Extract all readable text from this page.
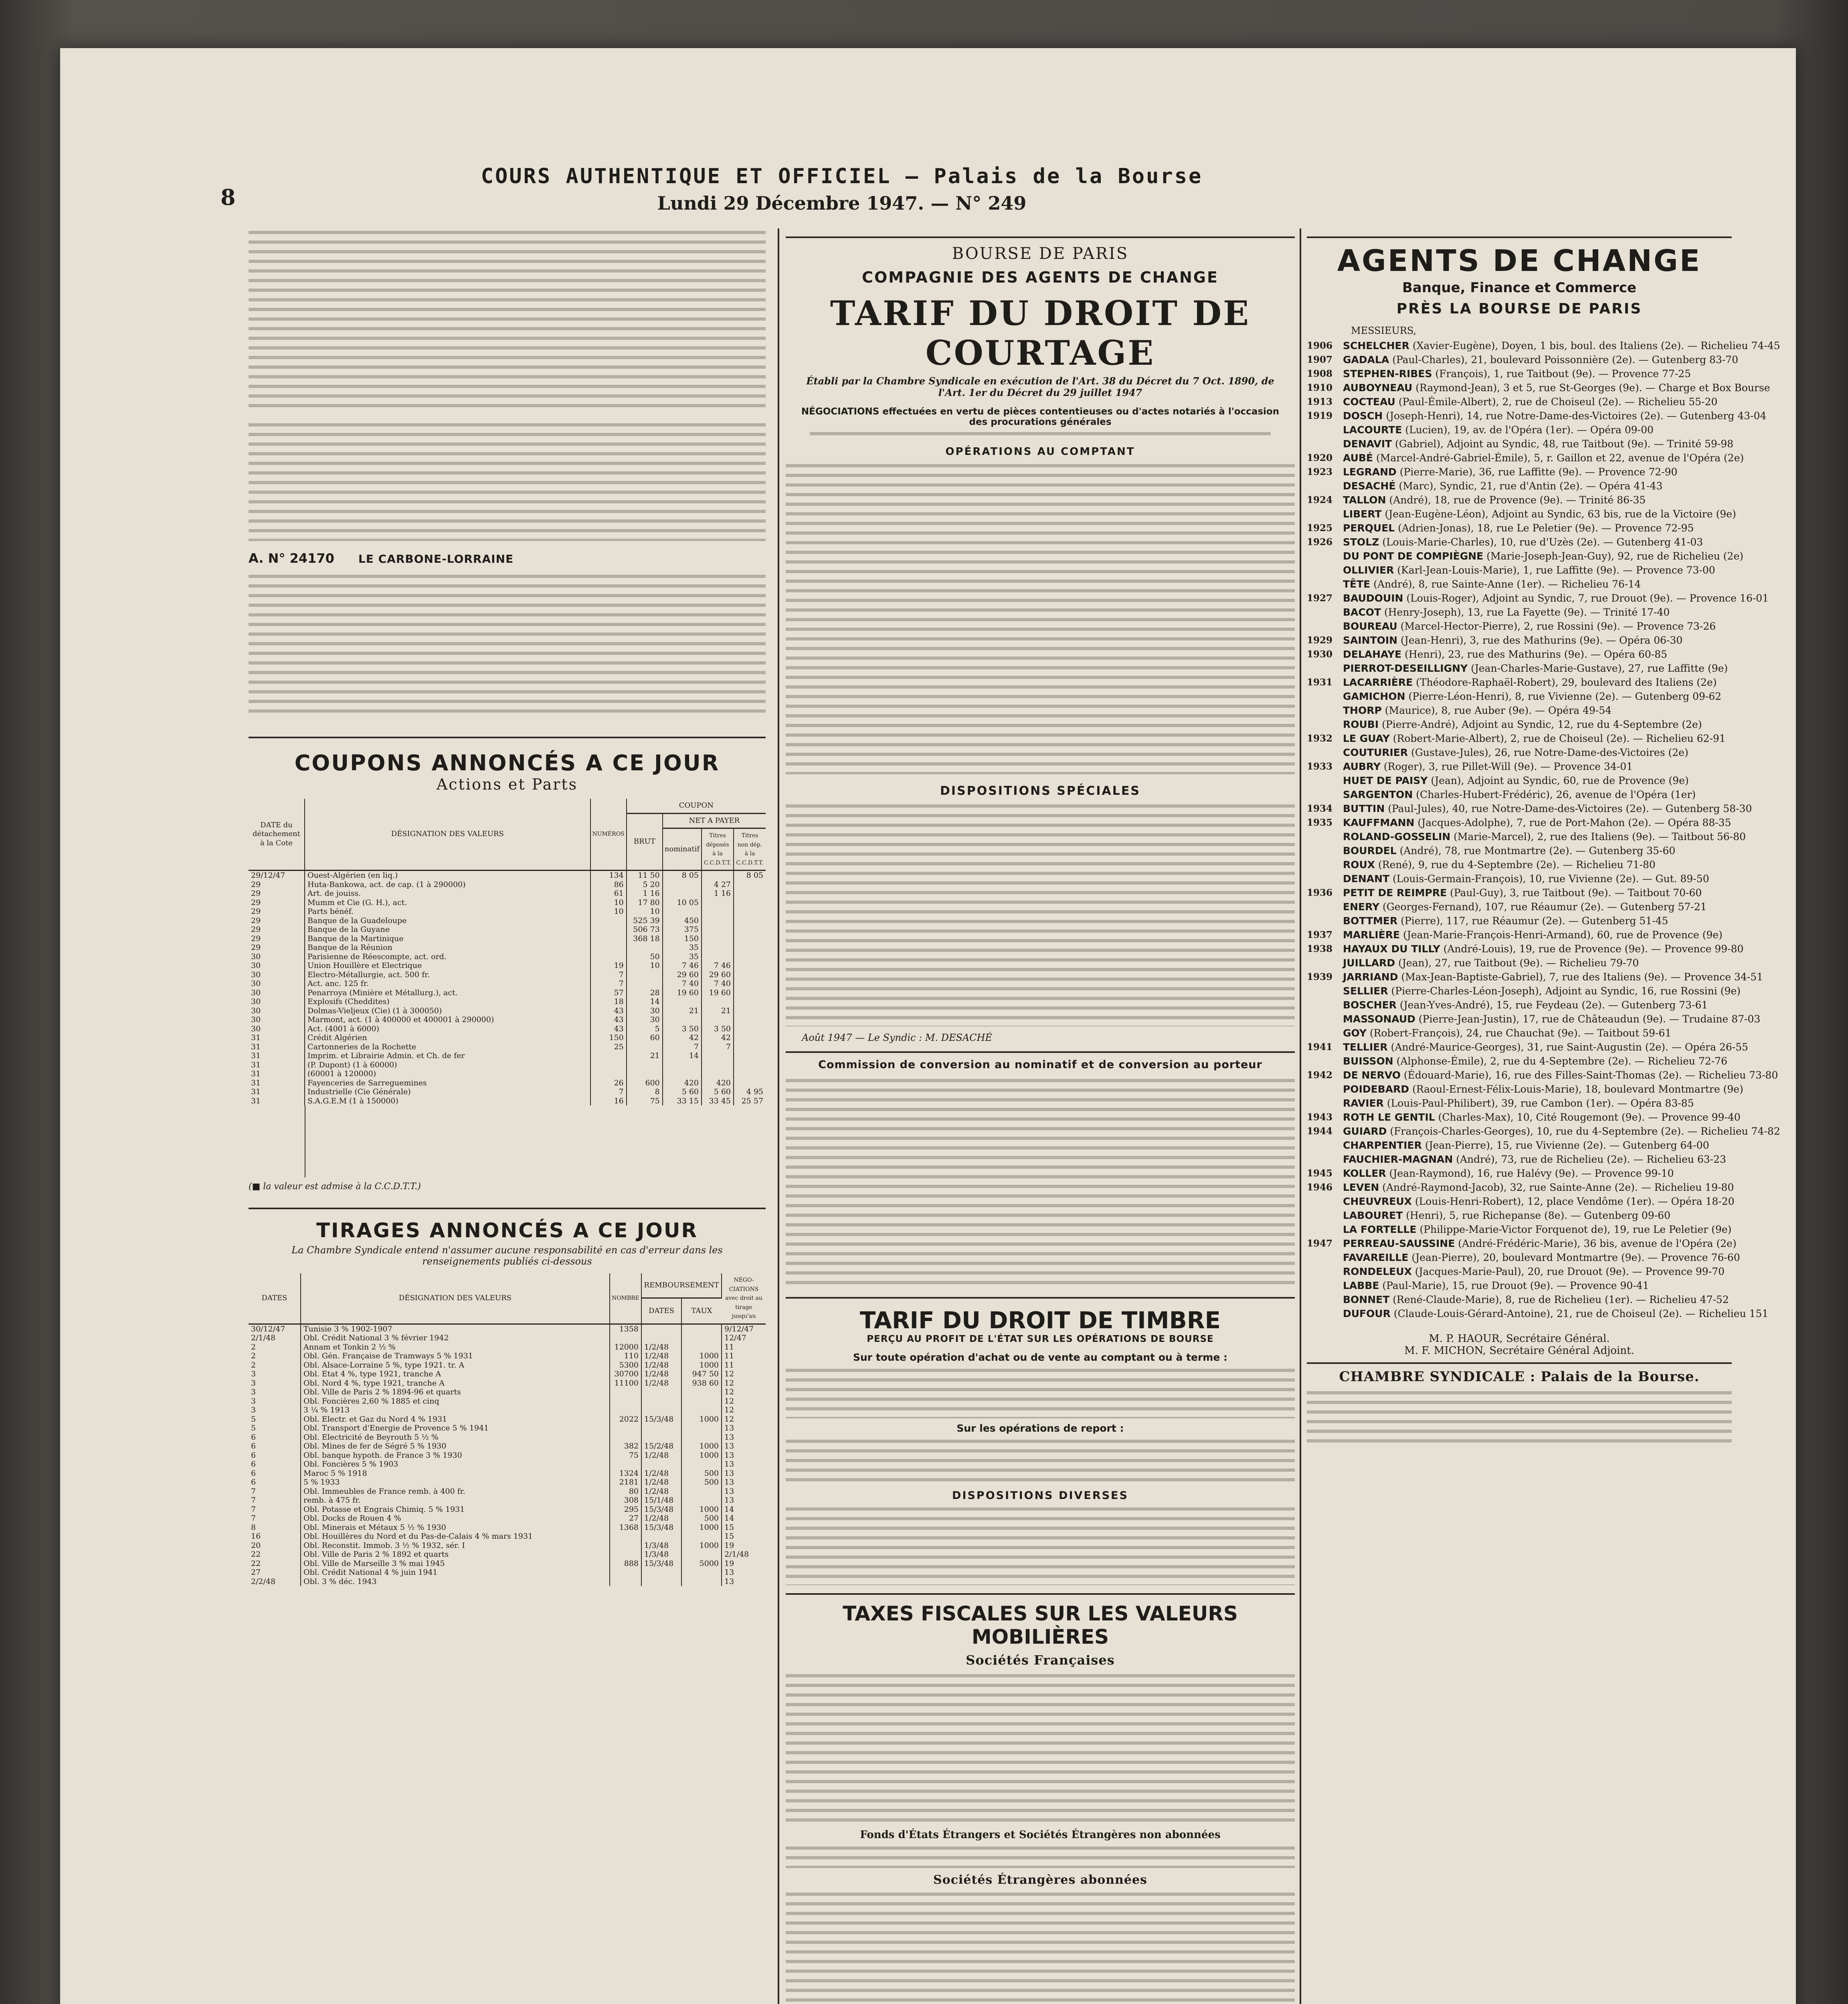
8
COURS AUTHENTIQUE ET OFFICIEL — Palais de la Bourse
Lundi 29 Décembre 1947. — N° 249
A. N° 24170 LE CARBONE-LORRAINE
COUPONS ANNONCÉS A CE JOUR
Actions et Parts
DATE du détachement à la Cote	DÉSIGNATION DES VALEURS	NUMÉROS	COUPON			
			BRUT	NET A PAYER		
				nominatif	Titres déposés à la C.C.D.T.T.	Titres non dép. à la C.C.D.T.T.
29/12/47	Ouest-Algérien (en liq.)	134	11 50	8 05		8 05
29	Huta-Bankowa, act. de cap. (1 à 290000)	86	5 20		4 27	
29	Art. de jouiss.	61	1 16		1 16	
29	Mumm et Cie (G. H.), act.	10	17 80	10 05		
29	Parts bénéf.	10	10			
29	Banque de la Guadeloupe		525 39	450		
29	Banque de la Guyane		506 73	375		
29	Banque de la Martinique		368 18	150		
29	Banque de la Réunion			35		
30	Parisienne de Réescompte, act. ord.		50	35		
30	Union Houillère et Electrique	19	10	7 46	7 46	
30	Electro-Métallurgie, act. 500 fr.	7		29 60	29 60	
30	Act. anc. 125 fr.	7		7 40	7 40	
30	Penarroya (Minière et Métallurg.), act.	57	28	19 60	19 60	
30	Explosifs (Cheddites)	18	14			
30	Dolmas-Vieljeux (Cie) (1 à 300050)	43	30	21	21	
30	Marmont, act. (1 à 400000 et 400001 à 290000)	43	30			
30	Act. (4001 à 6000)	43	5	3 50	3 50	
31	Crédit Algérien	150	60	42	42	
31	Cartonneries de la Rochette	25		7	7	
31	Imprim. et Librairie Admin. et Ch. de fer		21	14		
31	(P. Dupont) (1 à 60000)					
31	(60001 à 120000)					
31	Fayenceries de Sarreguemines	26	600	420	420	
31	Industrielle (Cie Générale)	7	8	5 60	5 60	4 95
31	S.A.G.E.M (1 à 150000)	16	75	33 15	33 45	25 57
(■ la valeur est admise à la C.C.D.T.T.)
TIRAGES ANNONCÉS A CE JOUR
La Chambre Syndicale entend n'assumer aucune responsabilité en cas d'erreur dans les renseignements publiés ci-dessous
DATES	DÉSIGNATION DES VALEURS	NOMBRE	REMBOURSEMENT		NÉGO-CIATIONS avec droit au tirage jusqu'au
			DATES	TAUX	
30/12/47	Tunisie 3 % 1902-1907	1358			9/12/47
2/1/48	Obl. Crédit National 3 % février 1942				12/47
2	Annam et Tonkin 2 ½ %	12000	1/2/48		11
2	Obl. Gén. Française de Tramways 5 % 1931	110	1/2/48	1000	11
2	Obl. Alsace-Lorraine 5 %, type 1921. tr. A	5300	1/2/48	1000	11
3	Obl. Etat 4 %, type 1921, tranche A	30700	1/2/48	947 50	12
3	Obl. Nord 4 %, type 1921, tranche A	11100	1/2/48	938 60	12
3	Obl. Ville de Paris 2 % 1894-96 et quarts				12
3	Obl. Foncières 2,60 % 1885 et cinq				12
3	3 ¼ % 1913				12
5	Obl. Electr. et Gaz du Nord 4 % 1931	2022	15/3/48	1000	12
5	Obl. Transport d'Energie de Provence 5 % 1941				13
6	Obl. Electricité de Beyrouth 5 ½ %				13
6	Obl. Mines de fer de Ségré 5 % 1930	382	15/2/48	1000	13
6	Obl. banque hypoth. de France 3 % 1930	75	1/2/48	1000	13
6	Obl. Foncières 5 % 1903				13
6	Maroc 5 % 1918	1324	1/2/48	500	13
6	5 % 1933	2181	1/2/48	500	13
7	Obl. Immeubles de France remb. à 400 fr.	80	1/2/48		13
7	remb. à 475 fr.	308	15/1/48		13
7	Obl. Potasse et Engrais Chimiq. 5 % 1931	295	15/3/48	1000	14
7	Obl. Docks de Rouen 4 %	27	1/2/48	500	14
8	Obl. Minerais et Métaux 5 ½ % 1930	1368	15/3/48	1000	15
16	Obl. Houillères du Nord et du Pas-de-Calais 4 % mars 1931				15
20	Obl. Reconstit. Immob. 3 ½ % 1932, sér. I		1/3/48	1000	19
22	Obl. Ville de Paris 2 % 1892 et quarts		1/3/48		2/1/48
22	Obl. Ville de Marseille 3 % mai 1945	888	15/3/48	5000	19
27	Obl. Crédit National 4 % juin 1941				13
2/2/48	Obl. 3 % déc. 1943				13
BOURSE DE PARIS
COMPAGNIE DES AGENTS DE CHANGE
TARIF DU DROIT DE COURTAGE
Établi par la Chambre Syndicale en exécution de l'Art. 38 du Décret du 7 Oct. 1890, de l'Art. 1er du Décret du 29 juillet 1947
NÉGOCIATIONS effectuées en vertu de pièces contentieuses ou d'actes notariés à l'occasion des procurations générales
OPÉRATIONS AU COMPTANT
DISPOSITIONS SPÉCIALES
Août 1947 — Le Syndic : M. DESACHÉ
Commission de conversion au nominatif et de conversion au porteur
TARIF DU DROIT DE TIMBRE
PERÇU AU PROFIT DE L'ÉTAT SUR LES OPÉRATIONS DE BOURSE
Sur toute opération d'achat ou de vente au comptant ou à terme :
Sur les opérations de report :
DISPOSITIONS DIVERSES
TAXES FISCALES SUR LES VALEURS MOBILIÈRES
Sociétés Françaises
Fonds d'États Étrangers et Sociétés Étrangères non abonnées
Sociétés Étrangères abonnées
AGENTS DE CHANGE
Banque, Finance et Commerce
PRÈS LA BOURSE DE PARIS
MESSIEURS,
1906	SCHELCHER (Xavier-Eugène), Doyen, 1 bis, boul. des Italiens (2e). — Richelieu 74-45
1907	GADALA (Paul-Charles), 21, boulevard Poissonnière (2e). — Gutenberg 83-70
1908	STEPHEN-RIBES (François), 1, rue Taitbout (9e). — Provence 77-25
1910	AUBOYNEAU (Raymond-Jean), 3 et 5, rue St-Georges (9e). — Charge et Box Bourse
1913	COCTEAU (Paul-Émile-Albert), 2, rue de Choiseul (2e). — Richelieu 55-20
1919	DOSCH (Joseph-Henri), 14, rue Notre-Dame-des-Victoires (2e). — Gutenberg 43-04
LACOURTE (Lucien), 19, av. de l'Opéra (1er). — Opéra 09-00
DENAVIT (Gabriel), Adjoint au Syndic, 48, rue Taitbout (9e). — Trinité 59-98
1920	AUBÉ (Marcel-André-Gabriel-Émile), 5, r. Gaillon et 22, avenue de l'Opéra (2e)
1923	LEGRAND (Pierre-Marie), 36, rue Laffitte (9e). — Provence 72-90
DESACHÉ (Marc), Syndic, 21, rue d'Antin (2e). — Opéra 41-43
1924	TALLON (André), 18, rue de Provence (9e). — Trinité 86-35
LIBERT (Jean-Eugène-Léon), Adjoint au Syndic, 63 bis, rue de la Victoire (9e)
1925	PERQUEL (Adrien-Jonas), 18, rue Le Peletier (9e). — Provence 72-95
1926	STOLZ (Louis-Marie-Charles), 10, rue d'Uzès (2e). — Gutenberg 41-03
DU PONT DE COMPIÈGNE (Marie-Joseph-Jean-Guy), 92, rue de Richelieu (2e)
OLLIVIER (Karl-Jean-Louis-Marie), 1, rue Laffitte (9e). — Provence 73-00
TÊTE (André), 8, rue Sainte-Anne (1er). — Richelieu 76-14
1927	BAUDOUIN (Louis-Roger), Adjoint au Syndic, 7, rue Drouot (9e). — Provence 16-01
BACOT (Henry-Joseph), 13, rue La Fayette (9e). — Trinité 17-40
BOUREAU (Marcel-Hector-Pierre), 2, rue Rossini (9e). — Provence 73-26
1929	SAINTOIN (Jean-Henri), 3, rue des Mathurins (9e). — Opéra 06-30
1930	DELAHAYE (Henri), 23, rue des Mathurins (9e). — Opéra 60-85
PIERROT-DESEILLIGNY (Jean-Charles-Marie-Gustave), 27, rue Laffitte (9e)
1931	LACARRIÈRE (Théodore-Raphaël-Robert), 29, boulevard des Italiens (2e)
GAMICHON (Pierre-Léon-Henri), 8, rue Vivienne (2e). — Gutenberg 09-62
THORP (Maurice), 8, rue Auber (9e). — Opéra 49-54
ROUBI (Pierre-André), Adjoint au Syndic, 12, rue du 4-Septembre (2e)
1932	LE GUAY (Robert-Marie-Albert), 2, rue de Choiseul (2e). — Richelieu 62-91
COUTURIER (Gustave-Jules), 26, rue Notre-Dame-des-Victoires (2e)
1933	AUBRY (Roger), 3, rue Pillet-Will (9e). — Provence 34-01
HUET DE PAISY (Jean), Adjoint au Syndic, 60, rue de Provence (9e)
SARGENTON (Charles-Hubert-Frédéric), 26, avenue de l'Opéra (1er)
1934	BUTTIN (Paul-Jules), 40, rue Notre-Dame-des-Victoires (2e). — Gutenberg 58-30
1935	KAUFFMANN (Jacques-Adolphe), 7, rue de Port-Mahon (2e). — Opéra 88-35
ROLAND-GOSSELIN (Marie-Marcel), 2, rue des Italiens (9e). — Taitbout 56-80
BOURDEL (André), 78, rue Montmartre (2e). — Gutenberg 35-60
ROUX (René), 9, rue du 4-Septembre (2e). — Richelieu 71-80
DENANT (Louis-Germain-François), 10, rue Vivienne (2e). — Gut. 89-50
1936	PETIT DE REIMPRE (Paul-Guy), 3, rue Taitbout (9e). — Taitbout 70-60
ENERY (Georges-Fernand), 107, rue Réaumur (2e). — Gutenberg 57-21
BOTTMER (Pierre), 117, rue Réaumur (2e). — Gutenberg 51-45
1937	MARLIÈRE (Jean-Marie-François-Henri-Armand), 60, rue de Provence (9e)
1938	HAYAUX DU TILLY (André-Louis), 19, rue de Provence (9e). — Provence 99-80
JUILLARD (Jean), 27, rue Taitbout (9e). — Richelieu 79-70
1939	JARRIAND (Max-Jean-Baptiste-Gabriel), 7, rue des Italiens (9e). — Provence 34-51
SELLIER (Pierre-Charles-Léon-Joseph), Adjoint au Syndic, 16, rue Rossini (9e)
BOSCHER (Jean-Yves-André), 15, rue Feydeau (2e). — Gutenberg 73-61
MASSONAUD (Pierre-Jean-Justin), 17, rue de Châteaudun (9e). — Trudaine 87-03
GOY (Robert-François), 24, rue Chauchat (9e). — Taitbout 59-61
1941	TELLIER (André-Maurice-Georges), 31, rue Saint-Augustin (2e). — Opéra 26-55
BUISSON (Alphonse-Émile), 2, rue du 4-Septembre (2e). — Richelieu 72-76
1942	DE NERVO (Édouard-Marie), 16, rue des Filles-Saint-Thomas (2e). — Richelieu 73-80
POIDEBARD (Raoul-Ernest-Félix-Louis-Marie), 18, boulevard Montmartre (9e)
RAVIER (Louis-Paul-Philibert), 39, rue Cambon (1er). — Opéra 83-85
1943	ROTH LE GENTIL (Charles-Max), 10, Cité Rougemont (9e). — Provence 99-40
1944	GUIARD (François-Charles-Georges), 10, rue du 4-Septembre (2e). — Richelieu 74-82
CHARPENTIER (Jean-Pierre), 15, rue Vivienne (2e). — Gutenberg 64-00
FAUCHIER-MAGNAN (André), 73, rue de Richelieu (2e). — Richelieu 63-23
1945	KOLLER (Jean-Raymond), 16, rue Halévy (9e). — Provence 99-10
1946	LEVEN (André-Raymond-Jacob), 32, rue Sainte-Anne (2e). — Richelieu 19-80
CHEUVREUX (Louis-Henri-Robert), 12, place Vendôme (1er). — Opéra 18-20
LABOURET (Henri), 5, rue Richepanse (8e). — Gutenberg 09-60
LA FORTELLE (Philippe-Marie-Victor Forquenot de), 19, rue Le Peletier (9e)
1947	PERREAU-SAUSSINE (André-Frédéric-Marie), 36 bis, avenue de l'Opéra (2e)
FAVAREILLE (Jean-Pierre), 20, boulevard Montmartre (9e). — Provence 76-60
RONDELEUX (Jacques-Marie-Paul), 20, rue Drouot (9e). — Provence 99-70
LABBE (Paul-Marie), 15, rue Drouot (9e). — Provence 90-41
BONNET (René-Claude-Marie), 8, rue de Richelieu (1er). — Richelieu 47-52
DUFOUR (Claude-Louis-Gérard-Antoine), 21, rue de Choiseul (2e). — Richelieu 151
M. P. HAOUR, Secrétaire Général.
M. F. MICHON, Secrétaire Général Adjoint.
CHAMBRE SYNDICALE : Palais de la Bourse.
